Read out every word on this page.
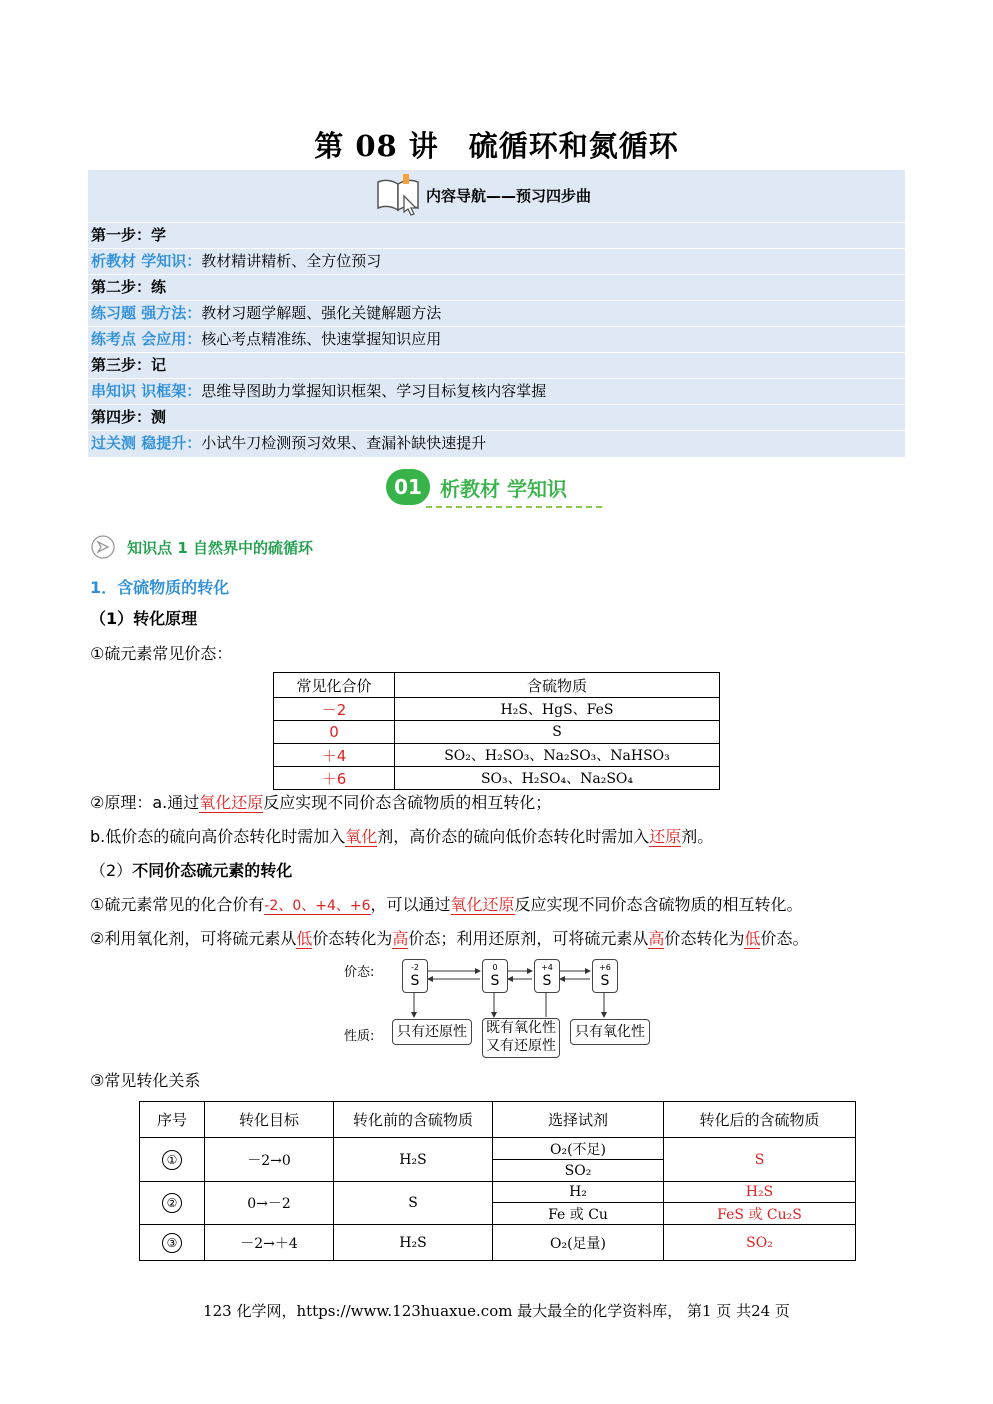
第 08 讲　硫循环和氮循环
内容导航——预习四步曲
第一步：学
析教材 学知识：教材精讲精析、全方位预习
第二步：练
练习题 强方法：教材习题学解题、强化关键解题方法
练考点 会应用：核心考点精准练、快速掌握知识应用
第三步：记
串知识 识框架：思维导图助力掌握知识框架、学习目标复核内容掌握
第四步：测
过关测 稳提升：小试牛刀检测预习效果、查漏补缺快速提升
01 析教材 学知识
知识点 1 自然界中的硫循环
1．含硫物质的转化
（1）转化原理
①硫元素常见价态：
常见化合价	含硫物质
－2	H₂S、HgS、FeS
0	S
＋4	SO₂、H₂SO₃、Na₂SO₃、NaHSO₃
＋6	SO₃、H₂SO₄、Na₂SO₄
②原理：a.通过氧化还原反应实现不同价态含硫物质的相互转化；
b.低价态的硫向高价态转化时需加入氧化剂，高价态的硫向低价态转化时需加入还原剂。
（2）不同价态硫元素的转化
①硫元素常见的化合价有-2、0、+4、+6，可以通过氧化还原反应实现不同价态含硫物质的相互转化。
②利用氧化剂，可将硫元素从低价态转化为高价态；利用还原剂，可将硫元素从高价态转化为低价态。
价态:
性质:
-2
S
0
S
+4
S
+6
S
只有还原性	既有氧化性
又有还原性
只有氧化性
③常见转化关系
序号	转化目标	转化前的含硫物质	选择试剂	转化后的含硫物质
①	－2→0	H₂S	O₂(不足)	S
			SO₂	
②	0→－2	S	H₂	H₂S
			Fe 或 Cu	FeS 或 Cu₂S
③	－2→＋4	H₂S	O₂(足量)	SO₂
123 化学网，https://www.123huaxue.com 最大最全的化学资料库， 第1 页 共24 页
